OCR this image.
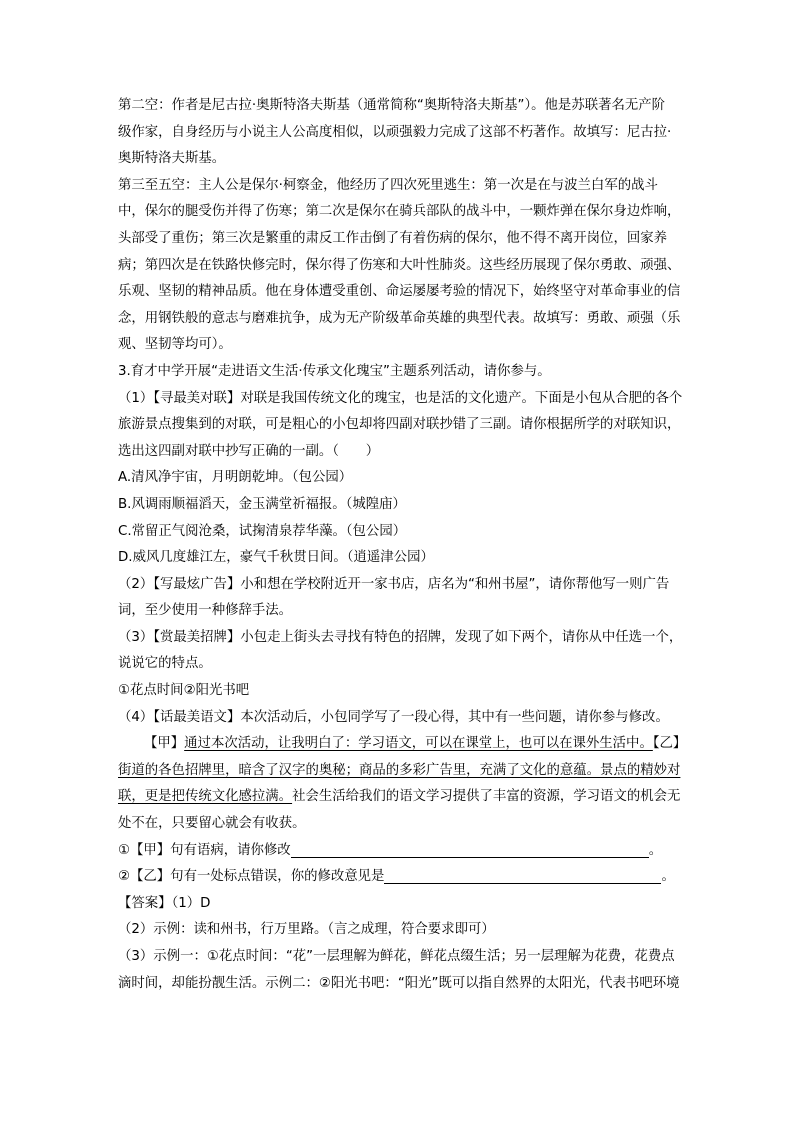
第二空：作者是尼古拉·奥斯特洛夫斯基（通常简称“奥斯特洛夫斯基”）。他是苏联著名无产阶
级作家，自身经历与小说主人公高度相似，以顽强毅力完成了这部不朽著作。故填写：尼古拉·
奥斯特洛夫斯基。
第三至五空：主人公是保尔·柯察金，他经历了四次死里逃生：第一次是在与波兰白军的战斗
中，保尔的腿受伤并得了伤寒；第二次是保尔在骑兵部队的战斗中，一颗炸弹在保尔身边炸响，
头部受了重伤；第三次是繁重的肃反工作击倒了有着伤病的保尔，他不得不离开岗位，回家养
病；第四次是在铁路快修完时，保尔得了伤寒和大叶性肺炎。这些经历展现了保尔勇敢、顽强、
乐观、坚韧的精神品质。他在身体遭受重创、命运屡屡考验的情况下，始终坚守对革命事业的信
念，用钢铁般的意志与磨难抗争，成为无产阶级革命英雄的典型代表。故填写：勇敢、顽强（乐
观、坚韧等均可）。
3.育才中学开展“走进语文生活·传承文化瑰宝”主题系列活动，请你参与。
（1）【寻最美对联】对联是我国传统文化的瑰宝，也是活的文化遗产。下面是小包从合肥的各个
旅游景点搜集到的对联，可是粗心的小包却将四副对联抄错了三副。请你根据所学的对联知识，
选出这四副对联中抄写正确的一副。（　　）
A.清风净宇宙，月明朗乾坤。（包公园）
B.风调雨顺福滔天，金玉满堂祈福报。（城隍庙）
C.常留正气阅沧桑，试掬清泉荐华藻。（包公园）
D.威风几度雄江左，豪气千秋贯日间。（逍遥津公园）
（2）【写最炫广告】小和想在学校附近开一家书店，店名为“和州书屋”，请你帮他写一则广告
词，至少使用一种修辞手法。
（3）【赏最美招牌】小包走上街头去寻找有特色的招牌，发现了如下两个，请你从中任选一个，
说说它的特点。
①花点时间②阳光书吧
（4）【话最美语文】本次活动后，小包同学写了一段心得，其中有一些问题，请你参与修改。
【甲】通过本次活动，让我明白了：学习语文，可以在课堂上，也可以在课外生活中。【乙】
街道的各色招牌里，暗含了汉字的奥秘；商品的多彩广告里，充满了文化的意蕴。景点的精妙对
联，更是把传统文化感拉满。社会生活给我们的语文学习提供了丰富的资源，学习语文的机会无
处不在，只要留心就会有收获。
①【甲】句有语病，请你修改	。
②【乙】句有一处标点错误，你的修改意见是	。
【答案】（1）D
（2）示例：读和州书，行万里路。（言之成理，符合要求即可）
（3）示例一：①花点时间：“花”一层理解为鲜花，鲜花点缀生活；另一层理解为花费，花费点
滴时间，却能扮靓生活。示例二：②阳光书吧：“阳光”既可以指自然界的太阳光，代表书吧环境
